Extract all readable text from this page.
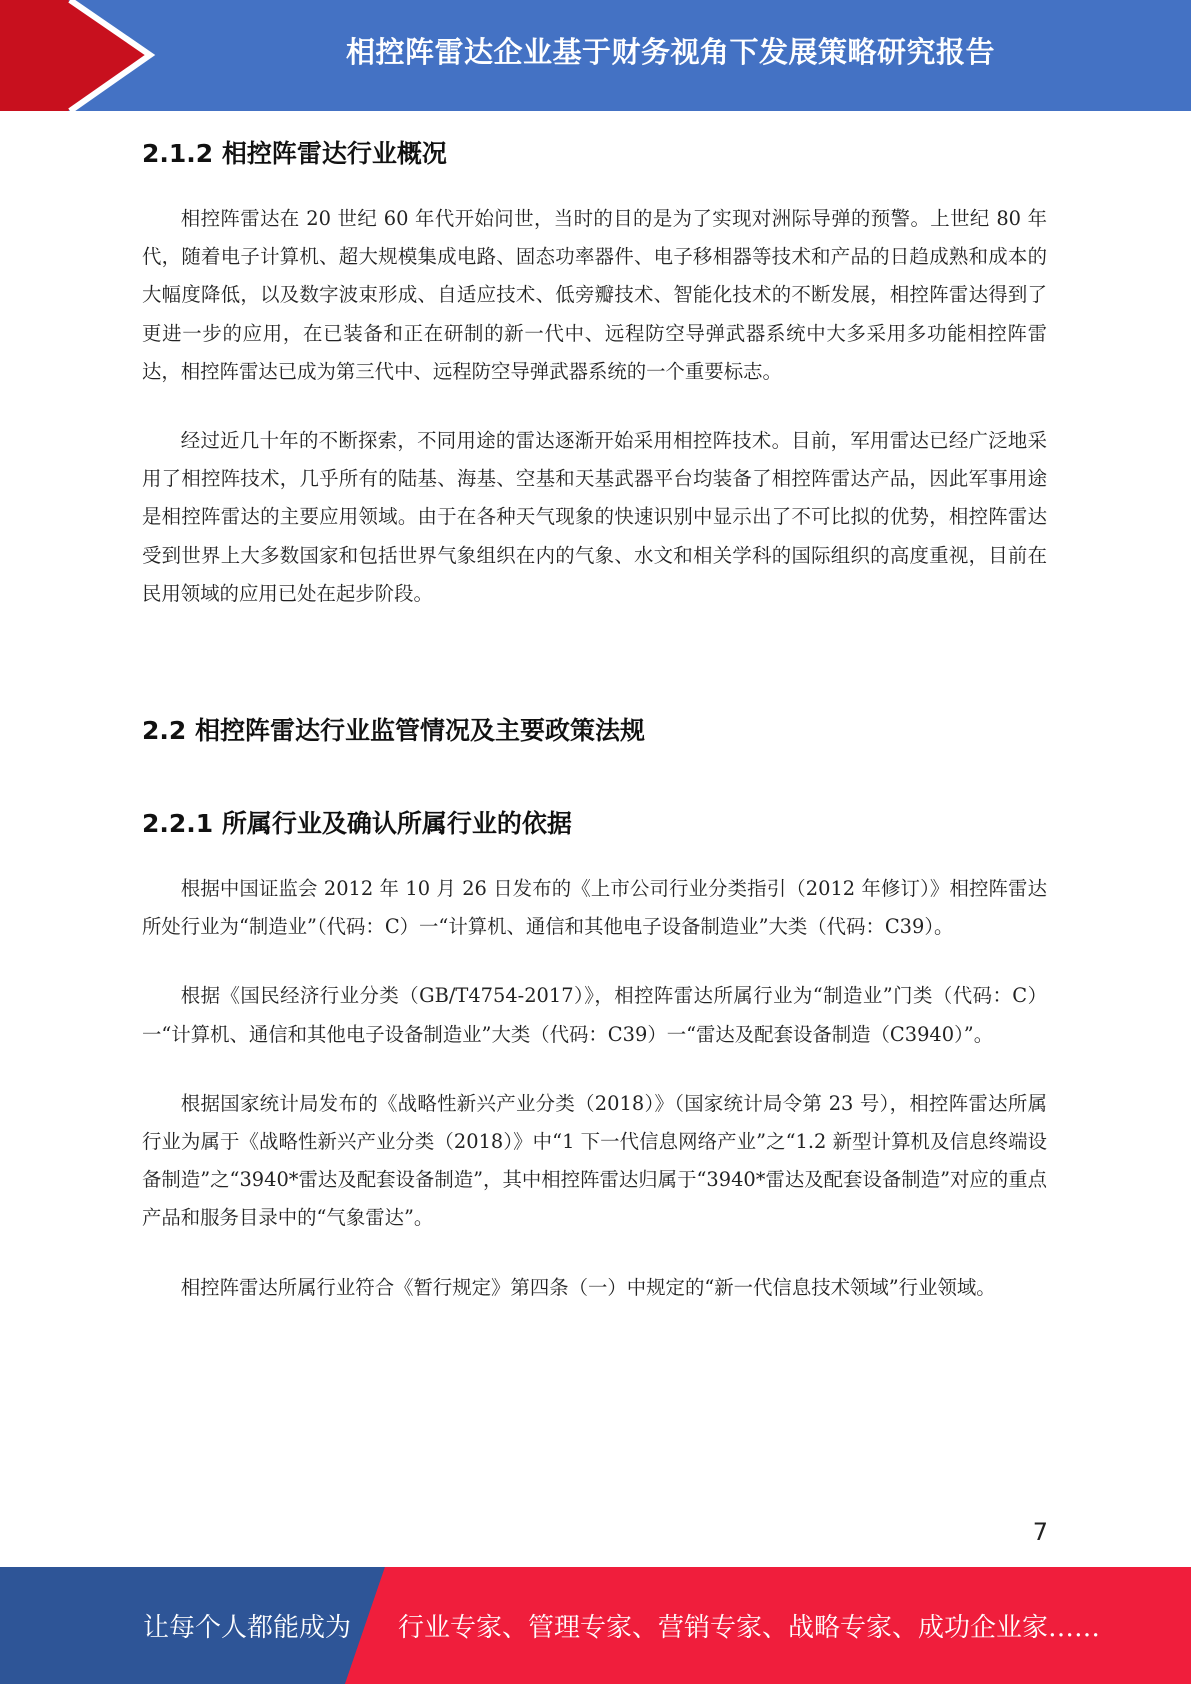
相控阵雷达企业基于财务视角下发展策略研究报告
2.1.2 相控阵雷达行业概况

相控阵雷达在 20 世纪 60 年代开始问世，当时的目的是为了实现对洲际导弹的预警。上世纪 80 年代，随着电子计算机、超大规模集成电路、固态功率器件、电子移相器等技术和产品的日趋成熟和成本的大幅度降低，以及数字波束形成、自适应技术、低旁瓣技术、智能化技术的不断发展，相控阵雷达得到了更进一步的应用，在已装备和正在研制的新一代中、远程防空导弹武器系统中大多采用多功能相控阵雷达，相控阵雷达已成为第三代中、远程防空导弹武器系统的一个重要标志。

经过近几十年的不断探索，不同用途的雷达逐渐开始采用相控阵技术。目前，军用雷达已经广泛地采用了相控阵技术，几乎所有的陆基、海基、空基和天基武器平台均装备了相控阵雷达产品，因此军事用途是相控阵雷达的主要应用领域。由于在各种天气现象的快速识别中显示出了不可比拟的优势，相控阵雷达受到世界上大多数国家和包括世界气象组织在内的气象、水文和相关学科的国际组织的高度重视，目前在民用领域的应用已处在起步阶段。

2.2 相控阵雷达行业监管情况及主要政策法规
2.2.1 所属行业及确认所属行业的依据

根据中国证监会 2012 年 10 月 26 日发布的《上市公司行业分类指引（2012 年修订）》相控阵雷达所处行业为“制造业”（代码：C）一“计算机、通信和其他电子设备制造业”大类（代码：C39）。

根据《国民经济行业分类（GB/T4754-2017）》，相控阵雷达所属行业为“制造业”门类（代码：C）一“计算机、通信和其他电子设备制造业”大类（代码：C39）一“雷达及配套设备制造（C3940）”。

根据国家统计局发布的《战略性新兴产业分类（2018）》（国家统计局令第 23 号），相控阵雷达所属行业为属于《战略性新兴产业分类（2018）》中“1 下一代信息网络产业”之“1.2 新型计算机及信息终端设备制造”之“3940*雷达及配套设备制造”，其中相控阵雷达归属于“3940*雷达及配套设备制造”对应的重点产品和服务目录中的“气象雷达”。

相控阵雷达所属行业符合《暂行规定》第四条（一）中规定的“新一代信息技术领域”行业领域。

7
让每个人都能成为 行业专家、管理专家、营销专家、战略专家、成功企业家……
